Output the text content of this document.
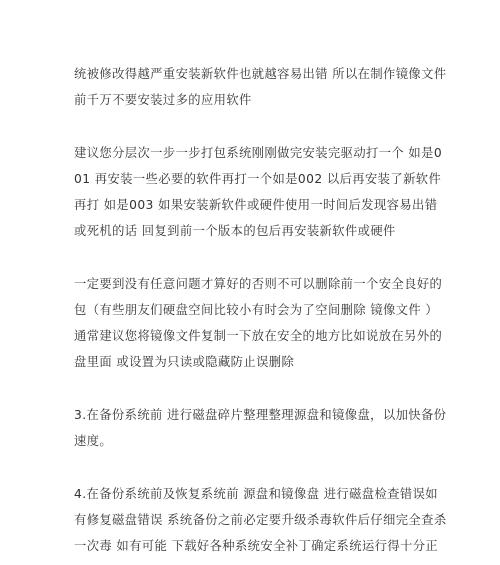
统被修改得越严重安装新软件也就越容易出错 所以在制作镜像文件
前千万不要安装过多的应用软件
建议您分层次一步一步打包系统刚刚做完安装完驱动打一个 如是0
01 再安装一些必要的软件再打一个如是002 以后再安装了新软件
再打 如是003 如果安装新软件或硬件使用一时间后发现容易出错
或死机的话 回复到前一个版本的包后再安装新软件或硬件
一定要到没有任意问题才算好的否则不可以删除前一个安全良好的
包（有些朋友们硬盘空间比较小有时会为了空间删除 镜像文件 ）
通常建议您将镜像文件复制一下放在安全的地方比如说放在另外的
盘里面 或设置为只读或隐藏防止误删除
3.在备份系统前 进行磁盘碎片整理整理源盘和镜像盘，以加快备份
速度。
4.在备份系统前及恢复系统前 源盘和镜像盘 进行磁盘检查错误如
有修复磁盘错误 系统备份之前必定要升级杀毒软件后仔细完全查杀
一次毒 如有可能 下载好各种系统安全补丁确定系统运行得十分正
